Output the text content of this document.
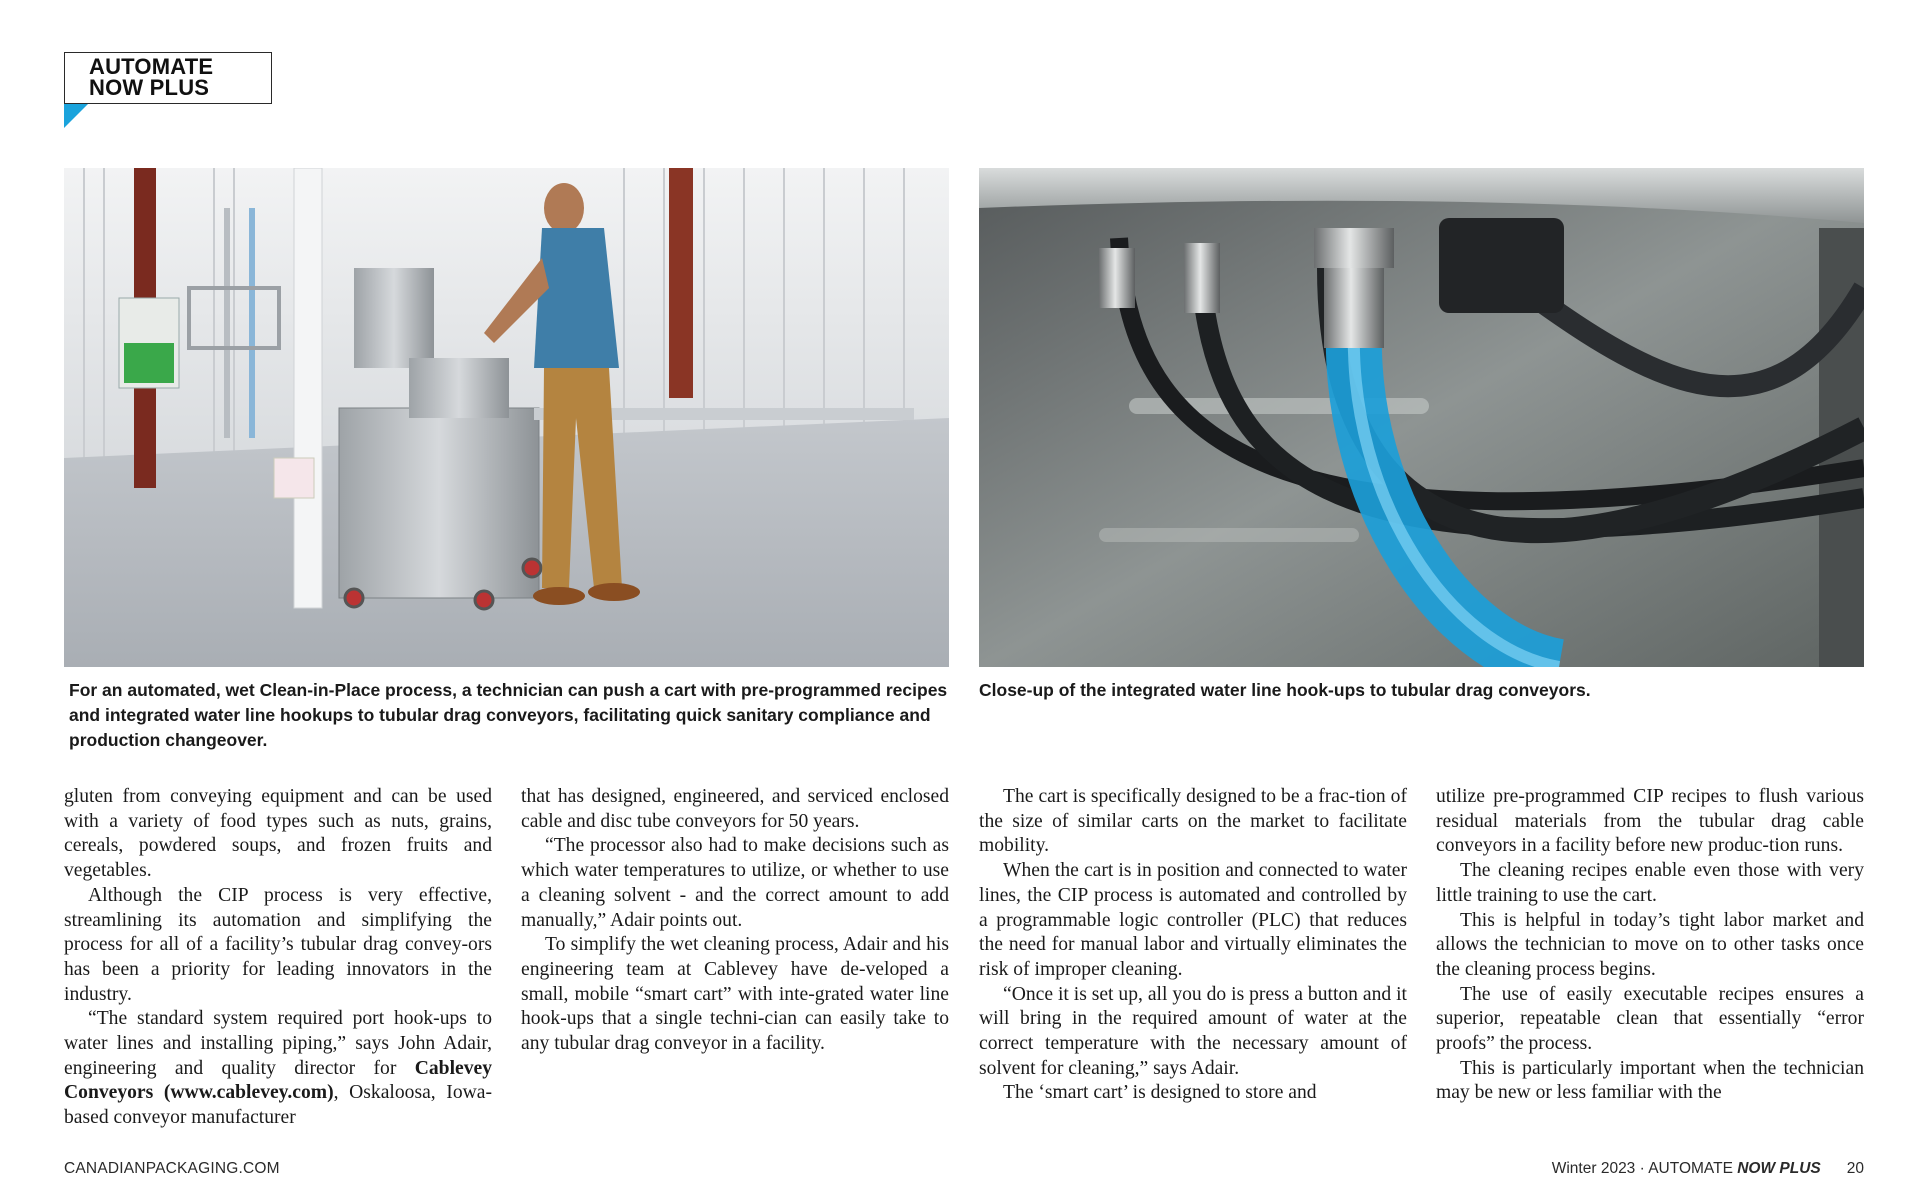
AUTOMATE
NOW PLUS
For an automated, wet Clean-in-Place process, a technician can push a cart with pre-programmed recipes and integrated water line hookups to tubular drag conveyors, facilitating quick sanitary compliance and production changeover.
Close-up of the integrated water line hook-ups to tubular drag conveyors.

gluten from conveying equipment and can be used with a variety of food types such as nuts, grains, cereals, powdered soups, and frozen fruits and vegetables.

Although the CIP process is very effective, streamlining its automation and simplifying the process for all of a facility’s tubular drag convey-ors has been a priority for leading innovators in the industry.

“The standard system required port hook-ups to water lines and installing piping,” says John Adair, engineering and quality director for Cablevey Conveyors (www.cablevey.com), Oskaloosa, Iowa-based conveyor manufacturer

that has designed, engineered, and serviced enclosed cable and disc tube conveyors for 50 years.

“The processor also had to make decisions such as which water temperatures to utilize, or whether to use a cleaning solvent - and the correct amount to add manually,” Adair points out.

To simplify the wet cleaning process, Adair and his engineering team at Cablevey have de-veloped a small, mobile “smart cart” with inte-grated water line hook-ups that a single techni-cian can easily take to any tubular drag conveyor in a facility.

The cart is specifically designed to be a frac-tion of the size of similar carts on the market to facilitate mobility.

When the cart is in position and connected to water lines, the CIP process is automated and controlled by a programmable logic controller (PLC) that reduces the need for manual labor and virtually eliminates the risk of improper cleaning.

“Once it is set up, all you do is press a button and it will bring in the required amount of water at the correct temperature with the necessary amount of solvent for cleaning,” says Adair.

The ‘smart cart’ is designed to store and

utilize pre-programmed CIP recipes to flush various residual materials from the tubular drag cable conveyors in a facility before new produc-tion runs.

The cleaning recipes enable even those with very little training to use the cart.

This is helpful in today’s tight labor market and allows the technician to move on to other tasks once the cleaning process begins.

The use of easily executable recipes ensures a superior, repeatable clean that essentially “error proofs” the process.

This is particularly important when the technician may be new or less familiar with the

CANADIANPACKAGING.COM	Winter 2023 · AUTOMATE NOW PLUS 20
